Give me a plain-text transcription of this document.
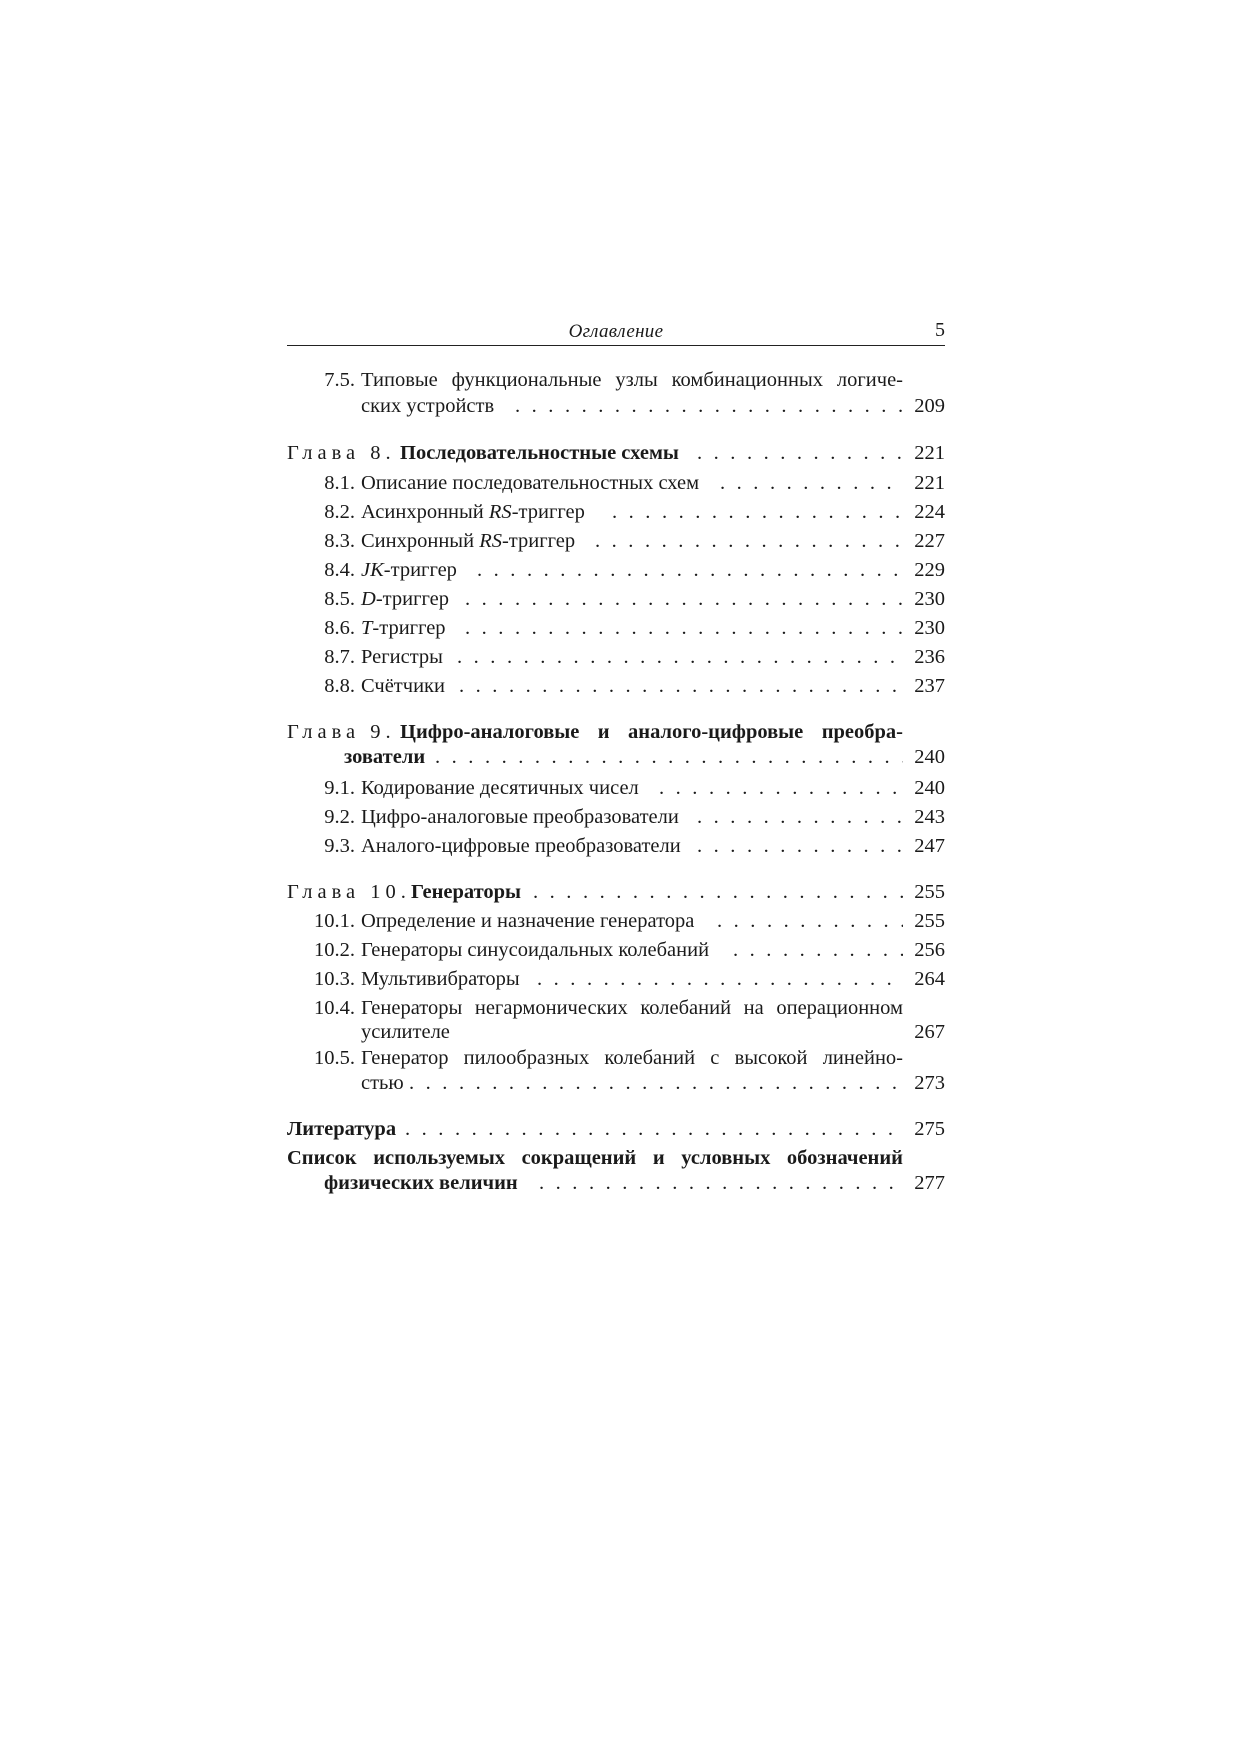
Оглавление	5
7.5. Типовые функциональные узлы комбинационных логиче-
ских устройств . . .	209
Глава 8. Последовательностные схемы . . .	221
8.1. Описание последовательностных схем . . .	221
8.2. Асинхронный RS-триггер . . .	224
8.3. Синхронный RS-триггер . . .	227
8.4. JK-триггер . . .	229
8.5. D-триггер . . .	230
8.6. T-триггер . . .	230
8.7. Регистры . . .	236
8.8. Счётчики . . .	237
Глава 9. Цифро-аналоговые и аналого-цифровые преобра-
зователи . . .	240
9.1. Кодирование десятичных чисел . . .	240
9.2. Цифро-аналоговые преобразователи . . .	243
9.3. Аналого-цифровые преобразователи . . .	247
Глава 10. Генераторы . . .	255
10.1. Определение и назначение генератора . . .	255
10.2. Генераторы синусоидальных колебаний . . .	256
10.3. Мультивибраторы . . .	264
10.4. Генераторы негармонических колебаний на операционном
усилителе	267
10.5. Генератор пилообразных колебаний с высокой линейно-
стью . . .	273
Литература . . .	275
Список используемых сокращений и условных обозначений
физических величин . . .	277
